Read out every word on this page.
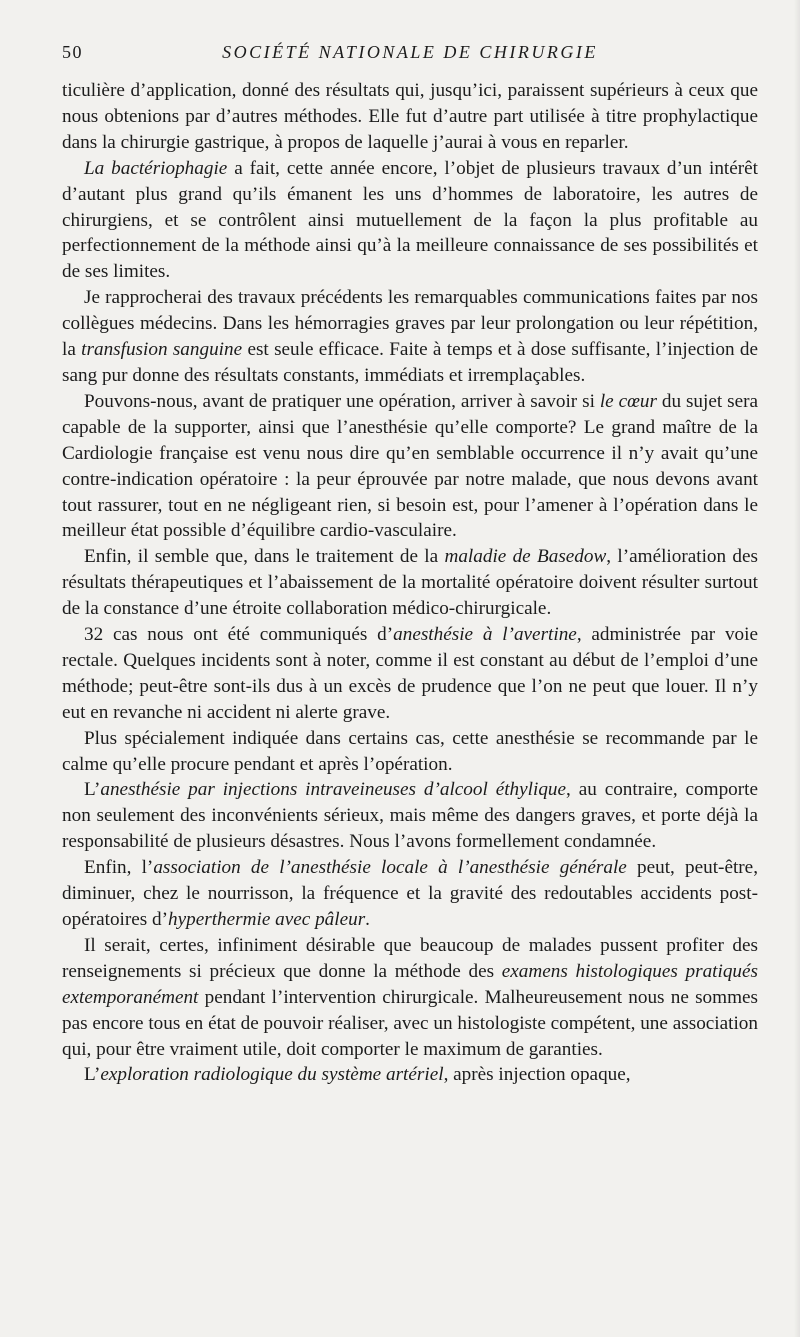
50	SOCIÉTÉ NATIONALE DE CHIRURGIE

ticulière d’application, donné des résultats qui, jusqu’ici, paraissent supérieurs à ceux que nous obtenions par d’autres méthodes. Elle fut d’autre part utilisée à titre prophylactique dans la chirurgie gastrique, à propos de laquelle j’aurai à vous en reparler.

La bactériophagie a fait, cette année encore, l’objet de plusieurs travaux d’un intérêt d’autant plus grand qu’ils émanent les uns d’hommes de laboratoire, les autres de chirurgiens, et se contrôlent ainsi mutuellement de la façon la plus profitable au perfectionnement de la méthode ainsi qu’à la meilleure connaissance de ses possibilités et de ses limites.

Je rapprocherai des travaux précédents les remarquables communications faites par nos collègues médecins. Dans les hémorragies graves par leur prolongation ou leur répétition, la transfusion sanguine est seule efficace. Faite à temps et à dose suffisante, l’injection de sang pur donne des résultats constants, immédiats et irremplaçables.

Pouvons-nous, avant de pratiquer une opération, arriver à savoir si le cœur du sujet sera capable de la supporter, ainsi que l’anesthésie qu’elle comporte? Le grand maître de la Cardiologie française est venu nous dire qu’en semblable occurrence il n’y avait qu’une contre-indication opératoire : la peur éprouvée par notre malade, que nous devons avant tout rassurer, tout en ne négligeant rien, si besoin est, pour l’amener à l’opération dans le meilleur état possible d’équilibre cardio-vasculaire.

Enfin, il semble que, dans le traitement de la maladie de Basedow, l’amélioration des résultats thérapeutiques et l’abaissement de la mortalité opératoire doivent résulter surtout de la constance d’une étroite collaboration médico-chirurgicale.

32 cas nous ont été communiqués d’anesthésie à l’avertine, administrée par voie rectale. Quelques incidents sont à noter, comme il est constant au début de l’emploi d’une méthode; peut-être sont-ils dus à un excès de prudence que l’on ne peut que louer. Il n’y eut en revanche ni accident ni alerte grave.

Plus spécialement indiquée dans certains cas, cette anesthésie se recommande par le calme qu’elle procure pendant et après l’opération.

L’anesthésie par injections intraveineuses d’alcool éthylique, au contraire, comporte non seulement des inconvénients sérieux, mais même des dangers graves, et porte déjà la responsabilité de plusieurs désastres. Nous l’avons formellement condamnée.

Enfin, l’association de l’anesthésie locale à l’anesthésie générale peut, peut-être, diminuer, chez le nourrisson, la fréquence et la gravité des redoutables accidents post-opératoires d’hyperthermie avec pâleur.

Il serait, certes, infiniment désirable que beaucoup de malades pussent profiter des renseignements si précieux que donne la méthode des examens histologiques pratiqués extemporanément pendant l’intervention chirurgicale. Malheureusement nous ne sommes pas encore tous en état de pouvoir réaliser, avec un histologiste compétent, une association qui, pour être vraiment utile, doit comporter le maximum de garanties.

L’exploration radiologique du système artériel, après injection opaque,
